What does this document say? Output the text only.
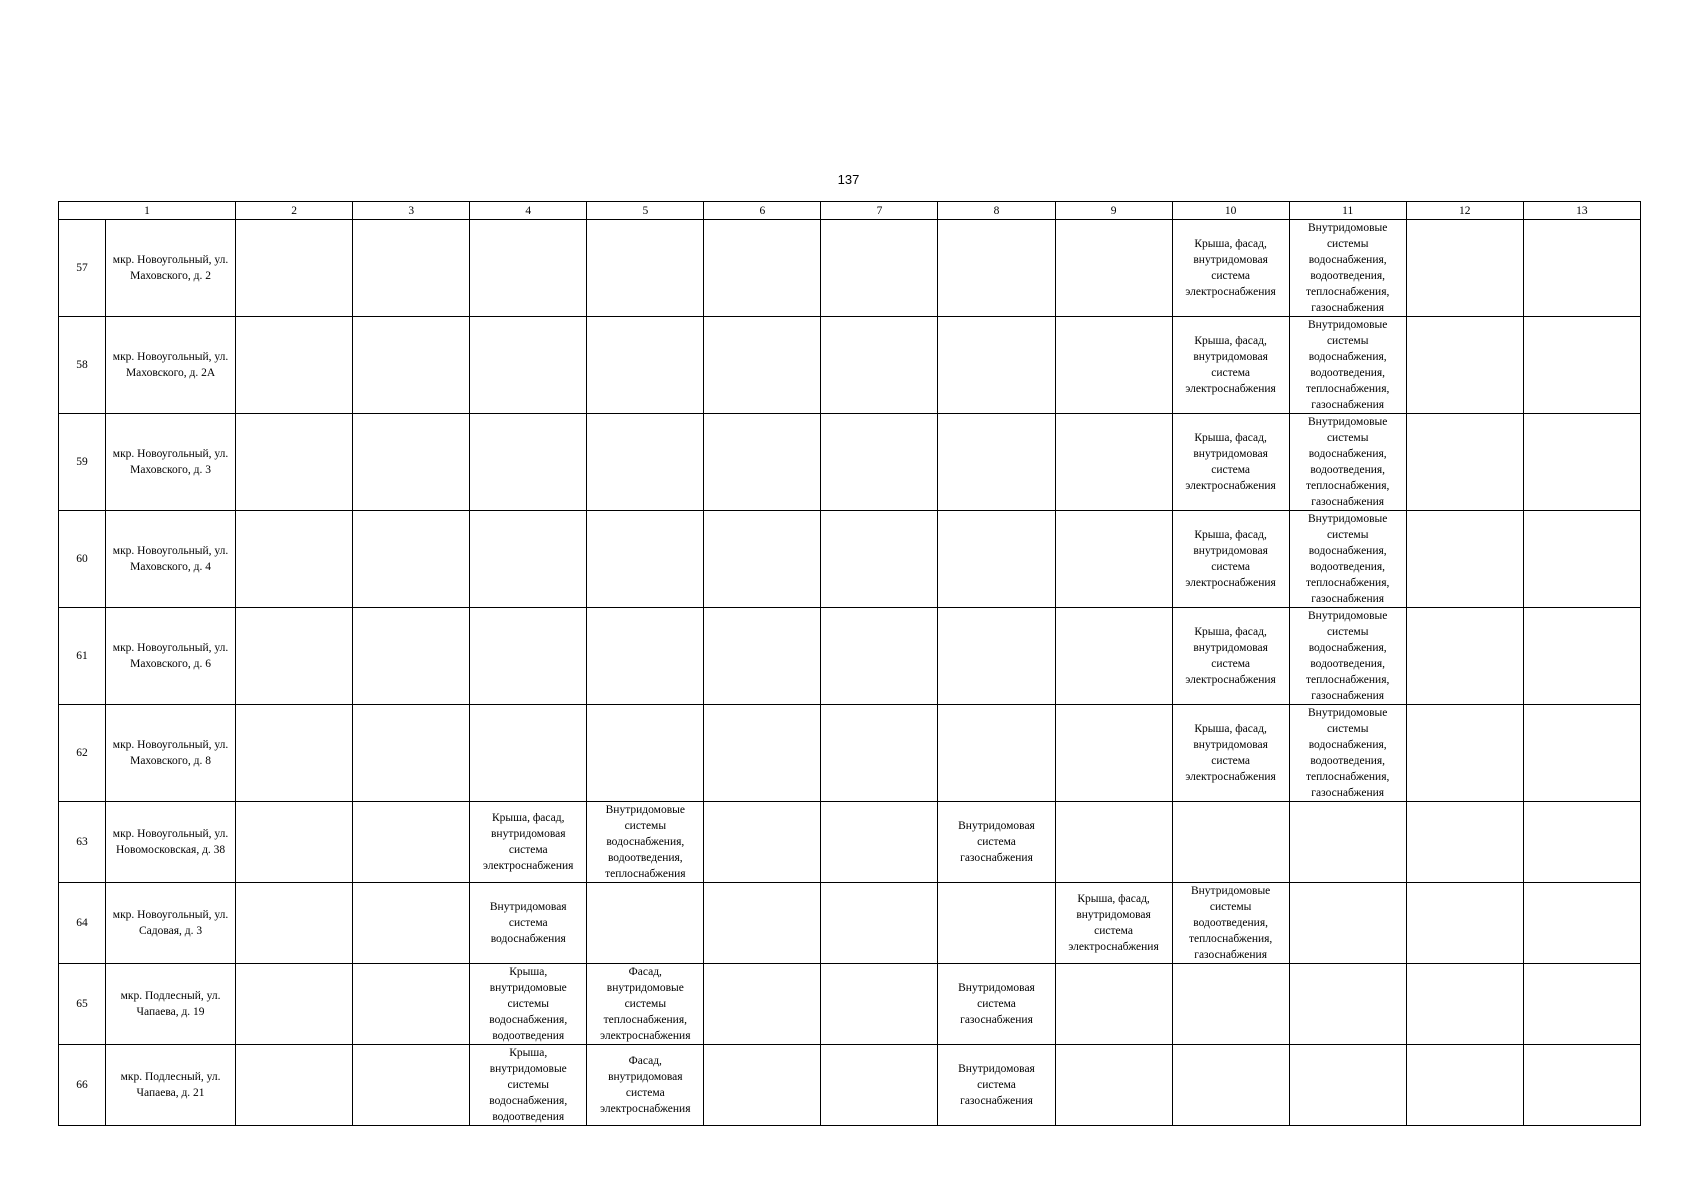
137
1		2	3	4	5	6	7	8	9	10	11	12	13
57	мкр. Новоугольный, ул. Маховского, д. 2									Крыша, фасад, внутридомовая система электроснабжения	Внутридомовые системы водоснабжения, водоотведения, теплоснабжения, газоснабжения		
58	мкр. Новоугольный, ул. Маховского, д. 2А									Крыша, фасад, внутридомовая система электроснабжения	Внутридомовые системы водоснабжения, водоотведения, теплоснабжения, газоснабжения		
59	мкр. Новоугольный, ул. Маховского, д. 3									Крыша, фасад, внутридомовая система электроснабжения	Внутридомовые системы водоснабжения, водоотведения, теплоснабжения, газоснабжения		
60	мкр. Новоугольный, ул. Маховского, д. 4									Крыша, фасад, внутридомовая система электроснабжения	Внутридомовые системы водоснабжения, водоотведения, теплоснабжения, газоснабжения		
61	мкр. Новоугольный, ул. Маховского, д. 6									Крыша, фасад, внутридомовая система электроснабжения	Внутридомовые системы водоснабжения, водоотведения, теплоснабжения, газоснабжения		
62	мкр. Новоугольный, ул. Маховского, д. 8									Крыша, фасад, внутридомовая система электроснабжения	Внутридомовые системы водоснабжения, водоотведения, теплоснабжения, газоснабжения		
63	мкр. Новоугольный, ул. Новомосковская, д. 38			Крыша, фасад, внутридомовая система электроснабжения	Внутридомовые системы водоснабжения, водоотведения, теплоснабжения			Внутридомовая система газоснабжения					
64	мкр. Новоугольный, ул. Садовая, д. 3			Внутридомовая система водоснабжения					Крыша, фасад, внутридомовая система электроснабжения	Внутридомовые системы водоотведения, теплоснабжения, газоснабжения			
65	мкр. Подлесный, ул. Чапаева, д. 19			Крыша, внутридомовые системы водоснабжения, водоотведения	Фасад, внутридомовые системы теплоснабжения, электроснабжения			Внутридомовая система газоснабжения					
66	мкр. Подлесный, ул. Чапаева, д. 21			Крыша, внутридомовые системы водоснабжения, водоотведения	Фасад, внутридомовая система электроснабжения			Внутридомовая система газоснабжения					
